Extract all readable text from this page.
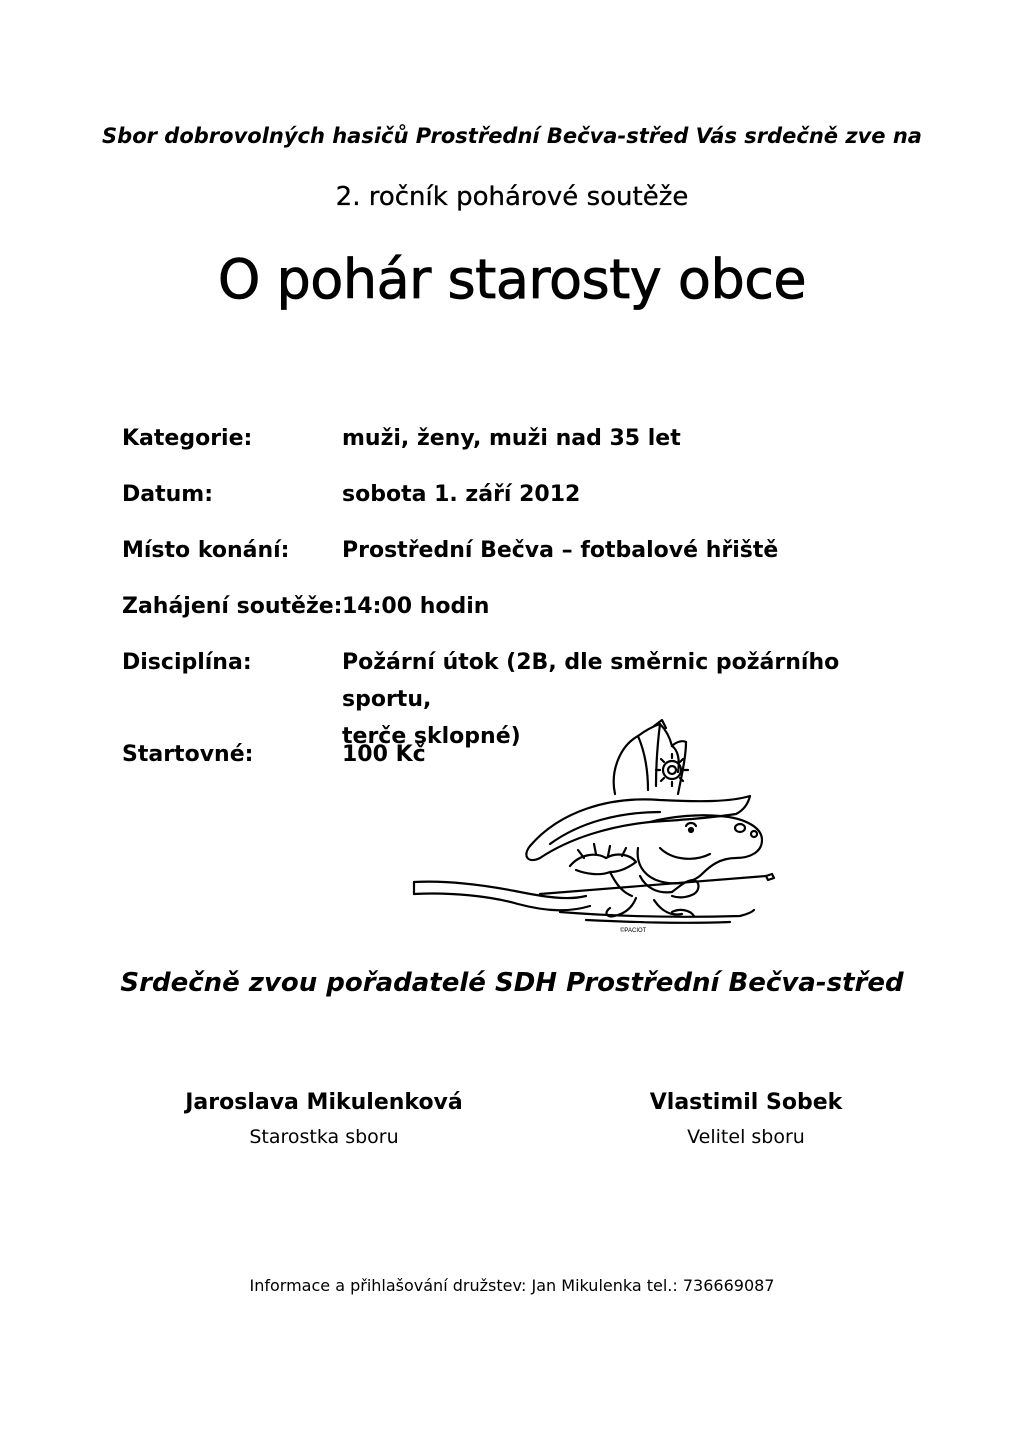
Sbor dobrovolných hasičů Prostřední Bečva-střed Vás srdečně zve na
2. ročník pohárové soutěže
O pohár starosty obce
Kategorie:	muži, ženy, muži nad 35 let
Datum:	sobota 1. září 2012
Místo konání:	Prostřední Bečva – fotbalové hřiště
Zahájení soutěže: 14:00 hodin
Disciplína:	Požární útok (2B, dle směrnic požárního sportu,
terče sklopné)
Startovné:	100 Kč
©PACIOT
Srdečně zvou pořadatelé SDH Prostřední Bečva-střed
Jaroslava Mikulenková
Starostka sboru
Vlastimil Sobek
Velitel sboru
Informace a přihlašování družstev: Jan Mikulenka tel.: 736669087
